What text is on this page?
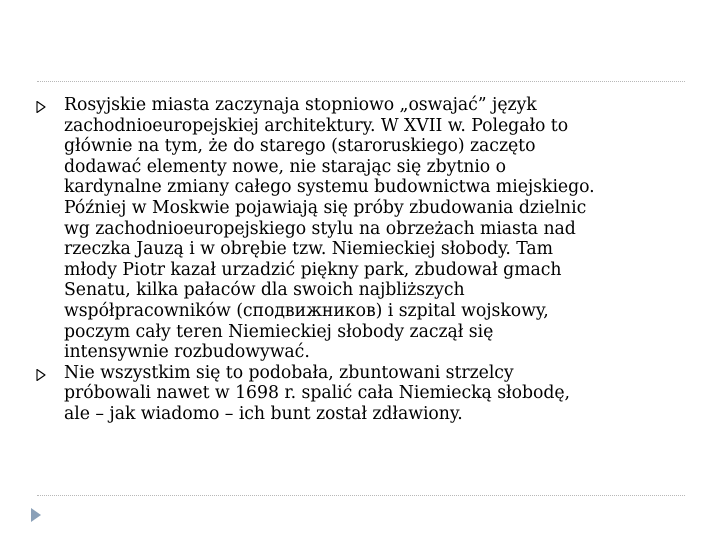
Rosyjskie miasta zaczynaja stopniowo „oswajać” język
zachodnioeuropejskiej architektury. W XVII w. Polegało to
głównie na tym, że do starego (staroruskiego) zaczęto
dodawać elementy nowe, nie starając się zbytnio o
kardynalne zmiany całego systemu budownictwa miejskiego.
Później w Moskwie pojawiają się próby zbudowania dzielnic
wg zachodnioeuropejskiego stylu na obrzeżach miasta nad
rzeczka Jauzą i w obrębie tzw. Niemieckiej słobody. Tam
młody Piotr kazał urzadzić piękny park, zbudował gmach
Senatu, kilka pałaców dla swoich najbliższych
współpracowników (сподвижников) i szpital wojskowy,
poczym cały teren Niemieckiej słobody zaczął się
intensywnie rozbudowywać.

Nie wszystkim się to podobała, zbuntowani strzelcy
próbowali nawet w 1698 r. spalić cała Niemiecką słobodę,
ale – jak wiadomo – ich bunt został zdławiony.
